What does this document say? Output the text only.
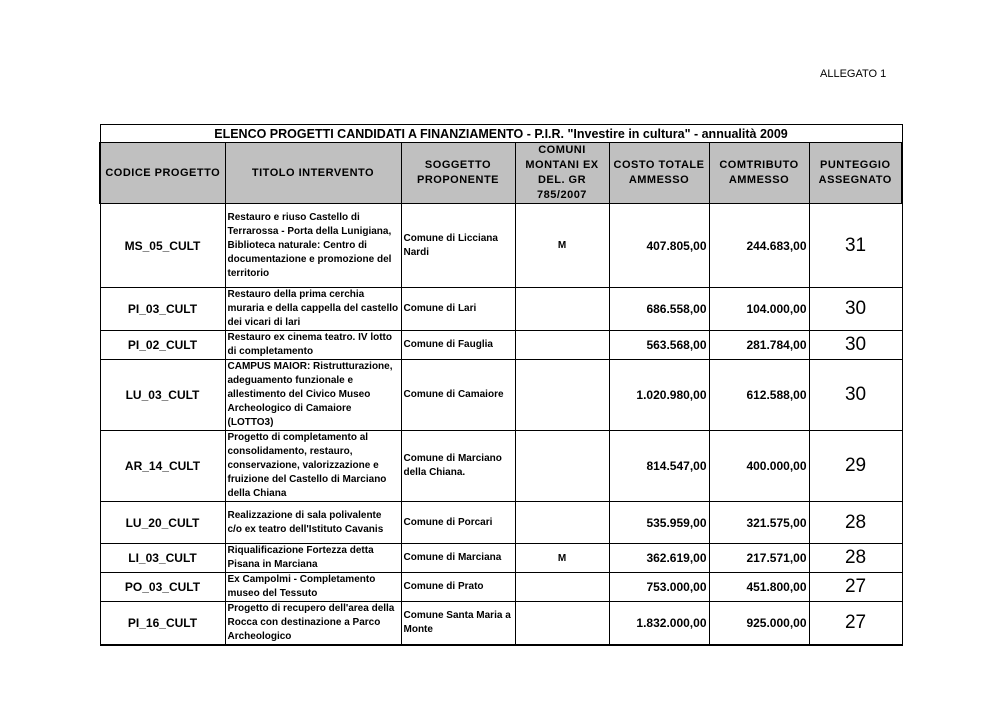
ALLEGATO 1
ELENCO PROGETTI CANDIDATI A FINANZIAMENTO - P.I.R. "Investire in cultura" - annualità 2009						
CODICE PROGETTO	TITOLO INTERVENTO	SOGGETTO PROPONENTE	COMUNI MONTANI EX DEL. GR 785/2007	COSTO TOTALE AMMESSO	COMTRIBUTO AMMESSO	PUNTEGGIO ASSEGNATO
MS_05_CULT	Restauro e riuso Castello di Terrarossa - Porta della Lunigiana, Biblioteca naturale: Centro di documentazione e promozione del territorio	Comune di Licciana Nardi	M	407.805,00	244.683,00	31
PI_03_CULT	Restauro della prima cerchia muraria e della cappella del castello dei vicari di lari	Comune di Lari		686.558,00	104.000,00	30
PI_02_CULT	Restauro ex cinema teatro. IV lotto di completamento	Comune di Fauglia		563.568,00	281.784,00	30
LU_03_CULT	CAMPUS MAIOR: Ristrutturazione, adeguamento funzionale e allestimento del Civico Museo Archeologico di Camaiore (LOTTO3)	Comune di Camaiore		1.020.980,00	612.588,00	30
AR_14_CULT	Progetto di completamento al consolidamento, restauro, conservazione, valorizzazione e fruizione del Castello di Marciano della Chiana	Comune di Marciano della Chiana.		814.547,00	400.000,00	29
LU_20_CULT	Realizzazione di sala polivalente c/o ex teatro dell'Istituto Cavanis	Comune di Porcari		535.959,00	321.575,00	28
LI_03_CULT	Riqualificazione Fortezza detta Pisana in Marciana	Comune di Marciana	M	362.619,00	217.571,00	28
PO_03_CULT	Ex Campolmi - Completamento museo del Tessuto	Comune di Prato		753.000,00	451.800,00	27
PI_16_CULT	Progetto di recupero dell'area della Rocca con destinazione a Parco Archeologico	Comune Santa Maria a Monte		1.832.000,00	925.000,00	27
